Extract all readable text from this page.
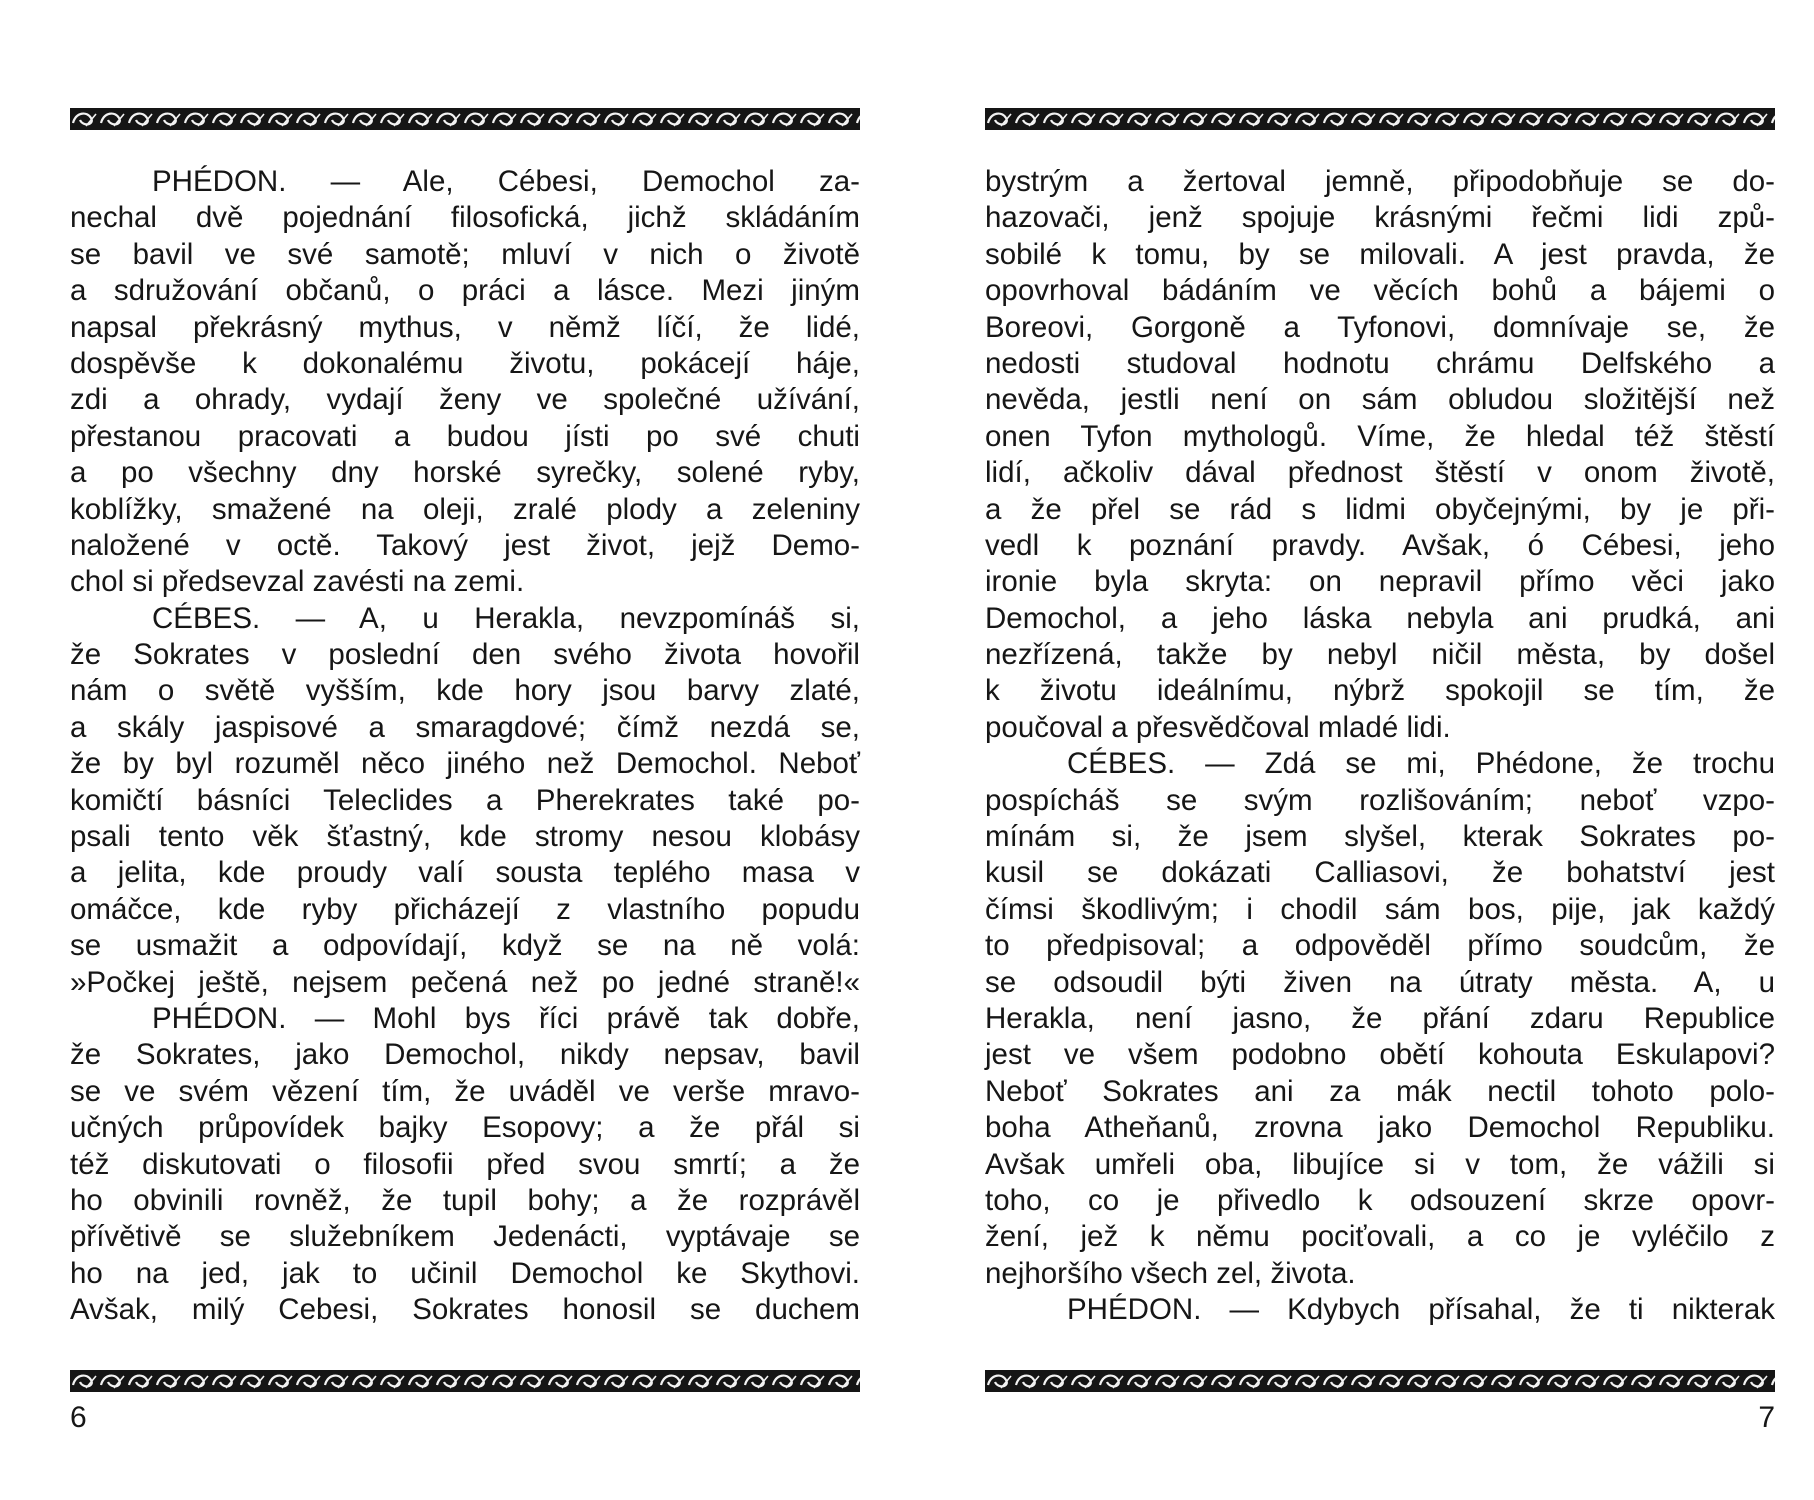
PHÉDON. — Ale, Cébesi, Demochol za-
nechal dvě pojednání filosofická, jichž skládáním
se bavil ve své samotě; mluví v nich o životě
a sdružování občanů, o práci a lásce. Mezi jiným
napsal překrásný mythus, v němž líčí, že lidé,
dospěvše k dokonalému životu, pokácejí háje,
zdi a ohrady, vydají ženy ve společné užívání,
přestanou pracovati a budou jísti po své chuti
a po všechny dny horské syrečky, solené ryby,
koblížky, smažené na oleji, zralé plody a zeleniny
naložené v octě. Takový jest život, jejž Demo-
chol si předsevzal zavésti na zemi.
CÉBES. — A, u Herakla, nevzpomínáš si,
že Sokrates v poslední den svého života hovořil
nám o světě vyšším, kde hory jsou barvy zlaté,
a skály jaspisové a smaragdové; čímž nezdá se,
že by byl rozuměl něco jiného než Demochol. Neboť
komičtí básníci Teleclides a Pherekrates také po-
psali tento věk šťastný, kde stromy nesou klobásy
a jelita, kde proudy valí sousta teplého masa v
omáčce, kde ryby přicházejí z vlastního popudu
se usmažit a odpovídají, když se na ně volá:
»Počkej ještě, nejsem pečená než po jedné straně!«
PHÉDON. — Mohl bys říci právě tak dobře,
že Sokrates, jako Demochol, nikdy nepsav, bavil
se ve svém vězení tím, že uváděl ve verše mravo-
učných průpovídek bajky Esopovy; a že přál si
též diskutovati o filosofii před svou smrtí; a že
ho obvinili rovněž, že tupil bohy; a že rozprávěl
přívětivě se služebníkem Jedenácti, vyptávaje se
ho na jed, jak to učinil Demochol ke Skythovi.
Avšak, milý Cebesi, Sokrates honosil se duchem
6
bystrým a žertoval jemně, připodobňuje se do-
hazovači, jenž spojuje krásnými řečmi lidi způ-
sobilé k tomu, by se milovali. A jest pravda, že
opovrhoval bádáním ve věcích bohů a bájemi o
Boreovi, Gorgoně a Tyfonovi, domnívaje se, že
nedosti studoval hodnotu chrámu Delfského a
nevěda, jestli není on sám obludou složitější než
onen Tyfon mythologů. Víme, že hledal též štěstí
lidí, ačkoliv dával přednost štěstí v onom životě,
a že přel se rád s lidmi obyčejnými, by je při-
vedl k poznání pravdy. Avšak, ó Cébesi, jeho
ironie byla skryta: on nepravil přímo věci jako
Demochol, a jeho láska nebyla ani prudká, ani
nezřízená, takže by nebyl ničil města, by došel
k životu ideálnímu, nýbrž spokojil se tím, že
poučoval a přesvědčoval mladé lidi.
CÉBES. — Zdá se mi, Phédone, že trochu
pospícháš se svým rozlišováním; neboť vzpo-
mínám si, že jsem slyšel, kterak Sokrates po-
kusil se dokázati Calliasovi, že bohatství jest
čímsi škodlivým; i chodil sám bos, pije, jak každý
to předpisoval; a odpověděl přímo soudcům, že
se odsoudil býti živen na útraty města. A, u
Herakla, není jasno, že přání zdaru Republice
jest ve všem podobno obětí kohouta Eskulapovi?
Neboť Sokrates ani za mák nectil tohoto polo-
boha Atheňanů, zrovna jako Demochol Republiku.
Avšak umřeli oba, libujíce si v tom, že vážili si
toho, co je přivedlo k odsouzení skrze opovr-
žení, jež k němu pociťovali, a co je vyléčilo z
nejhoršího všech zel, života.
PHÉDON. — Kdybych přísahal, že ti nikterak
7
